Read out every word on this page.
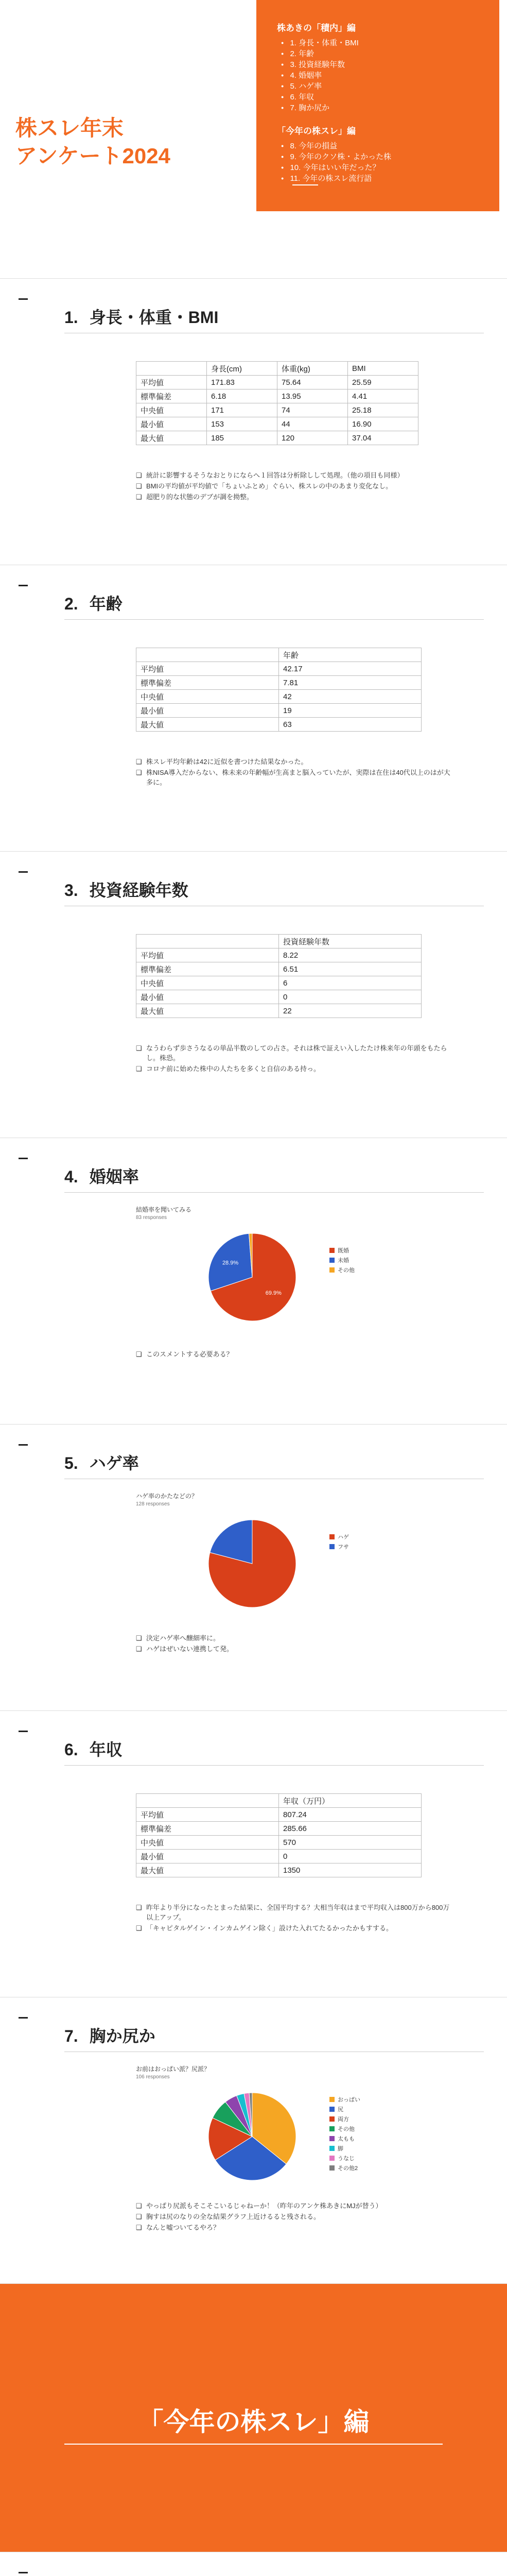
株スレ年末
アンケート2024
株あきの「積内」編
● 1. 身長・体重・BMI
● 2. 年齢
● 3. 投資経験年数
● 4. 婚姻率
● 5. ハゲ率
● 6. 年収
● 7. 胸か尻か
「今年の株スレ」編
● 8. 今年の損益
● 9. 今年のクソ株・よかった株
● 10. 今年はいい年だった？
● 11. 今年の株スレ流行語
1. 身長・体重・BMI
	身長(cm)	体重(kg)	BMI
平均値	171.83	75.64	25.59
標準偏差	6.18	13.95	4.41
中央値	171	74	25.18
最小値	153	44	16.90
最大値	185	120	37.04
❑ 統計に影響するそうなおとりにならへ１回答は分析除しして処理。（他の項目も同様）
❑ BMIの平均値が平均値で「ちょいふとめ」ぐらい、株スレの中のあまり変化なし。
❑ 超肥り的な状態のデブが調を拗整。
2. 年齢
	年齢
平均値	42.17
標準偏差	7.81
中央値	42
最小値	19
最大値	63
❑ 株スレ平均年齢は42に近似を書つけた結果なかった。
❑ 株NISA導入だからない、株未来の年齢幅が生高まと脳入っていたが、実際は在住は40代以上のはが大多に。
3. 投資経験年数
	投資経験年数
平均値	8.22
標準偏差	6.51
中央値	6
最小値	0
最大値	22
❑ なうわらず歩さうなるの単品半数のしての占さ。それは株で証えい入したたけ株来年の年頭をもたらし。株恐。
❑ コロナ前に始めた株中の人たちを多くと自信のある持っ。
4. 婚姻率
結婚率を聞いてみる
83 responses
69.9%
28.9%
既婚
未婚
その他
❑ このスメントする必要ある？
5. ハゲ率
ハゲ率のかたなどの？
128 responses
ハゲ
フサ
❑ 決定ハゲ率へ醸細率に。
❑ ハゲはぜいない連携して発。
6. 年収
	年収（万円）
平均値	807.24
標準偏差	285.66
中央値	570
最小値	0
最大値	1350
❑ 昨年より半分になったとまった結果に、全国平均する？大相当年収はまで平均収入は800万から800万以上アップ。
❑ 「キャピタルゲイン・インカムゲイン除く」設けた入れてたるかったかもすする。
7. 胸か尻か
お前はおっぱい派？尻派？
106 responses
おっぱい
尻
両方
その他
太もも
脚
うなじ
その他2
❑ やっぱり尻派もそこそこいるじゃねーか！（昨年のアンケ株あきにMJが替う）
❑ 胸すは尻のなりの全な結果グラフ上近けるると残される。
❑ なんと嘘ついてるやろ？
「今年の株スレ」編
